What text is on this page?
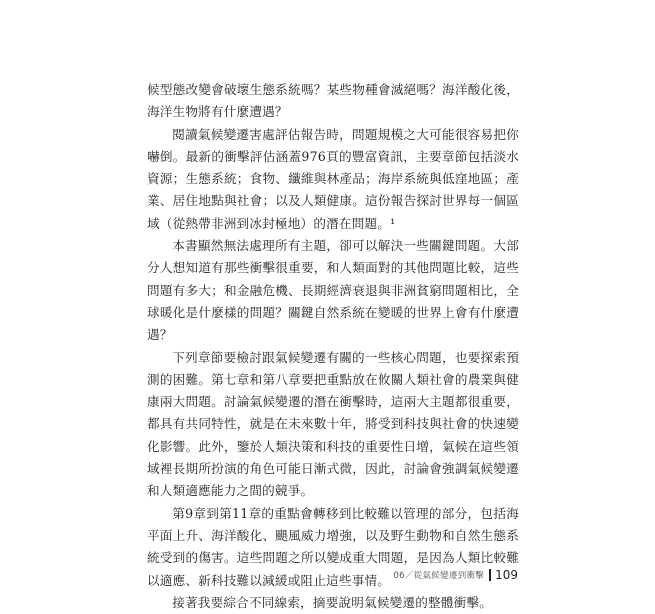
候型態改變會破壞生態系統嗎？某些物種會滅絕嗎？海洋酸化後，海洋生物將有什麼遭遇？

閱讀氣候變遷害處評估報告時，問題規模之大可能很容易把你嚇倒。最新的衝擊評估涵蓋976頁的豐富資訊，主要章節包括淡水資源；生態系統；食物、纖維與林產品；海岸系統與低窪地區；產業、居住地點與社會；以及人類健康。這份報告探討世界每一個區域（從熱帶非洲到冰封極地）的潛在問題。¹

本書顯然無法處理所有主題，卻可以解決一些關鍵問題。大部分人想知道有那些衝擊很重要，和人類面對的其他問題比較，這些問題有多大；和金融危機、長期經濟衰退與非洲貧窮問題相比，全球暖化是什麼樣的問題？關鍵自然系統在變暖的世界上會有什麼遭遇？

下列章節要檢討跟氣候變遷有關的一些核心問題，也要探索預測的困難。第七章和第八章要把重點放在攸關人類社會的農業與健康兩大問題。討論氣候變遷的潛在衝擊時，這兩大主題都很重要，都具有共同特性，就是在未來數十年，將受到科技與社會的快速變化影響。此外，鑒於人類決策和科技的重要性日增，氣候在這些領域裡長期所扮演的角色可能日漸式微，因此，討論會強調氣候變遷和人類適應能力之間的競爭。

第9章到第11章的重點會轉移到比較難以管理的部分，包括海平面上升、海洋酸化、颶風威力增強，以及野生動物和自然生態系統受到的傷害。這些問題之所以變成重大問題，是因為人類比較難以適應、新科技難以減緩或阻止這些事情。

接著我要綜合不同線索，摘要說明氣候變遷的整體衝擊。

06／從氣候變遷到衝擊 109
